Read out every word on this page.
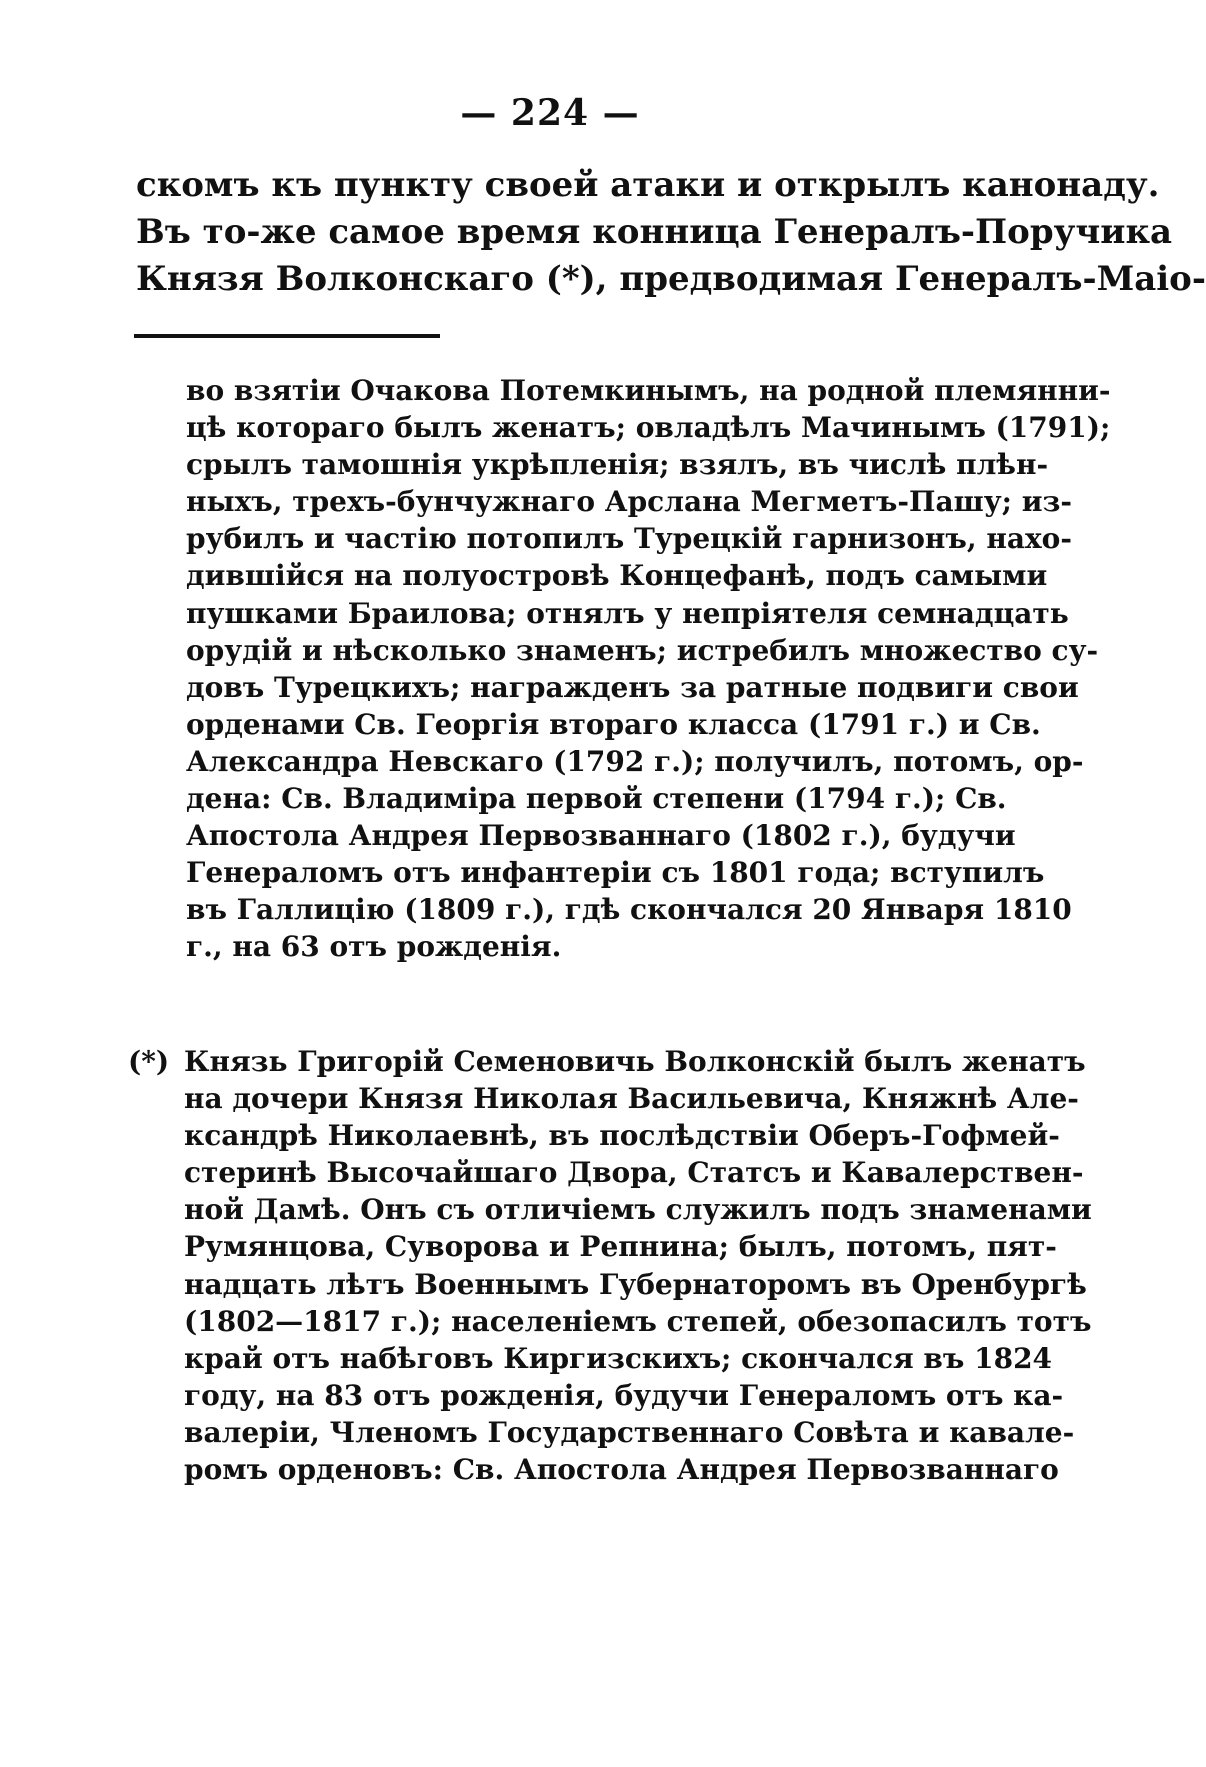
— 224 —
скомъ къ пункту своей атаки и открылъ канонаду.
Въ то-же самое время конница Генералъ-Поручика
Князя Волконскаго (*), предводимая Генералъ-Маіо-
во взятіи Очакова Потемкинымъ, на родной племянни-
цѣ котораго былъ женатъ; овладѣлъ Мачинымъ (1791);
срылъ тамошнія укрѣпленія; взялъ, въ числѣ плѣн-
ныхъ, трехъ-бунчужнаго Арслана Мегметъ-Пашу; из-
рубилъ и частію потопилъ Турецкій гарнизонъ, нахо-
дившійся на полуостровѣ Концефанѣ, подъ самыми
пушками Браилова; отнялъ у непріятеля семнадцать
орудій и нѣсколько знаменъ; истребилъ множество су-
довъ Турецкихъ; награжденъ за ратные подвиги свои
орденами Св. Георгія втораго класса (1791 г.) и Св.
Александра Невскаго (1792 г.); получилъ, потомъ, ор-
дена: Св. Владиміра первой степени (1794 г.); Св.
Апостола Андрея Первозваннаго (1802 г.), будучи
Генераломъ отъ инфантеріи съ 1801 года; вступилъ
въ Галлицію (1809 г.), гдѣ скончался 20 Января 1810
г., на 63 отъ рожденія.
(*) Князь Григорій Семеновичь Волконскій былъ женатъ
на дочери Князя Николая Васильевича, Княжнѣ Але-
ксандрѣ Николаевнѣ, въ послѣдствіи Оберъ-Гофмей-
стеринѣ Высочайшаго Двора, Статсъ и Кавалерствен-
ной Дамѣ. Онъ съ отличіемъ служилъ подъ знаменами
Румянцова, Суворова и Репнина; былъ, потомъ, пят-
надцать лѣтъ Военнымъ Губернаторомъ въ Оренбургѣ
(1802—1817 г.); населеніемъ степей, обезопасилъ тотъ
край отъ набѣговъ Киргизскихъ; скончался въ 1824
году, на 83 отъ рожденія, будучи Генераломъ отъ ка-
валеріи, Членомъ Государственнаго Совѣта и кавале-
ромъ орденовъ: Св. Апостола Андрея Первозваннаго
